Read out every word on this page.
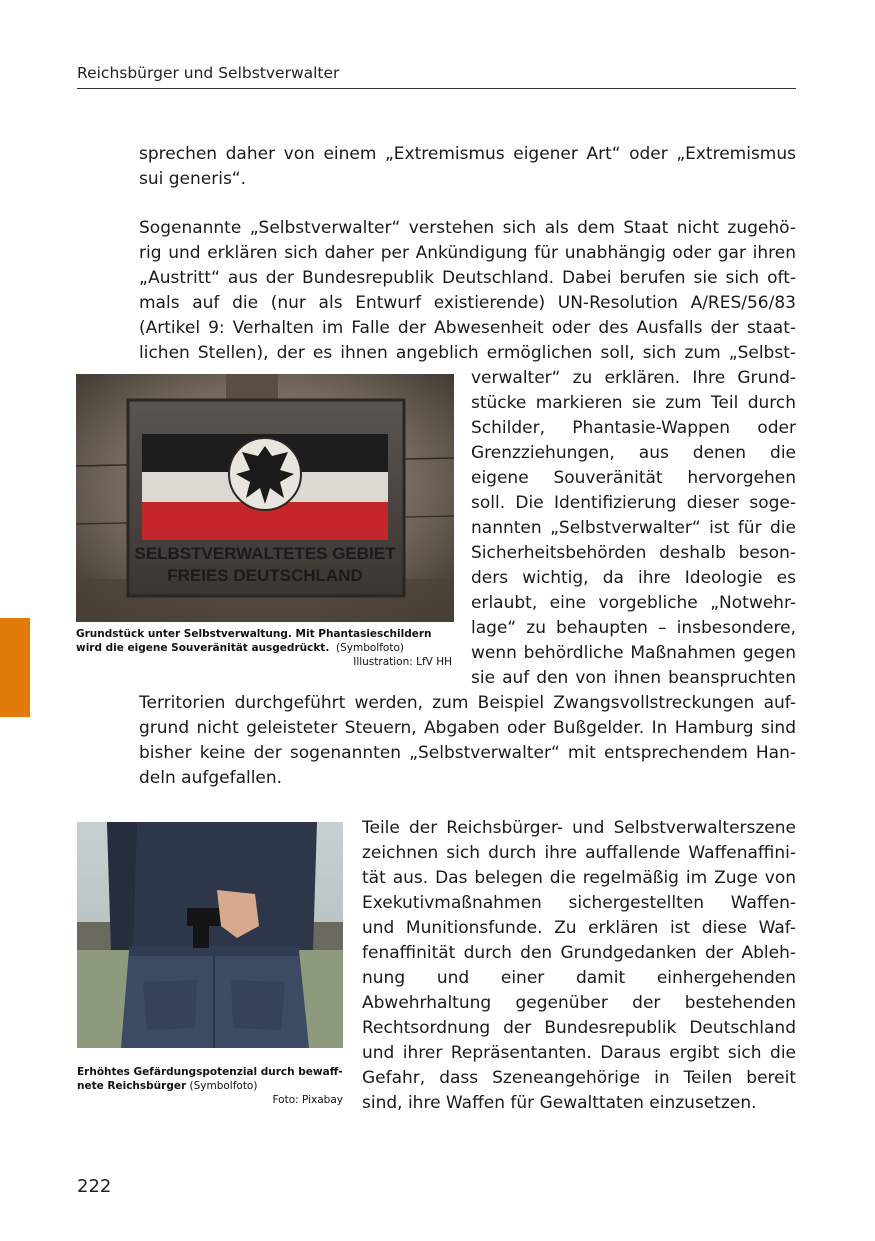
Reichsbürger und Selbstverwalter
sprechen daher von einem „Extremismus eigener Art“ oder „Extremismus
sui generis“.
Sogenannte „Selbstverwalter“ verstehen sich als dem Staat nicht zugehö-
rig und erklären sich daher per Ankündigung für unabhängig oder gar ihren
„Austritt“ aus der Bundesrepublik Deutschland. Dabei berufen sie sich oft-
mals auf die (nur als Entwurf existierende) UN-Resolution A/RES/56/83
(Artikel 9: Verhalten im Falle der Abwesenheit oder des Ausfalls der staat-
lichen Stellen), der es ihnen angeblich ermöglichen soll, sich zum „Selbst-
verwalter“ zu erklären. Ihre Grund-
stücke markieren sie zum Teil durch
Schilder, Phantasie-Wappen oder
Grenzziehungen, aus denen die
eigene Souveränität hervorgehen
soll. Die Identifizierung dieser soge-
nannten „Selbstverwalter“ ist für die
Sicherheitsbehörden deshalb beson-
ders wichtig, da ihre Ideologie es
erlaubt, eine vorgebliche „Notwehr-
lage“ zu behaupten – insbesondere,
wenn behördliche Maßnahmen gegen
sie auf den von ihnen beanspruchten
Territorien durchgeführt werden, zum Beispiel Zwangsvollstreckungen auf-
grund nicht geleisteter Steuern, Abgaben oder Bußgelder. In Hamburg sind
bisher keine der sogenannten „Selbstverwalter“ mit entsprechendem Han-
deln aufgefallen.
SELBSTVERWALTETES GEBIET
FREIES DEUTSCHLAND
Grundstück unter Selbstverwaltung. Mit Phantasieschildern
wird die eigene Souveränität ausgedrückt. (Symbolfoto)
Illustration: LfV HH
Erhöhtes Gefärdungspotenzial durch bewaff-
nete Reichsbürger (Symbolfoto)
Foto: Pixabay
Teile der Reichsbürger- und Selbstverwalterszene
zeichnen sich durch ihre auffallende Waffenaffini-
tät aus. Das belegen die regelmäßig im Zuge von
Exekutivmaßnahmen sichergestellten Waffen-
und Munitionsfunde. Zu erklären ist diese Waf-
fenaffinität durch den Grundgedanken der Ableh-
nung und einer damit einhergehenden
Abwehrhaltung gegenüber der bestehenden
Rechtsordnung der Bundesrepublik Deutschland
und ihrer Repräsentanten. Daraus ergibt sich die
Gefahr, dass Szeneangehörige in Teilen bereit
sind, ihre Waffen für Gewalttaten einzusetzen.
222
